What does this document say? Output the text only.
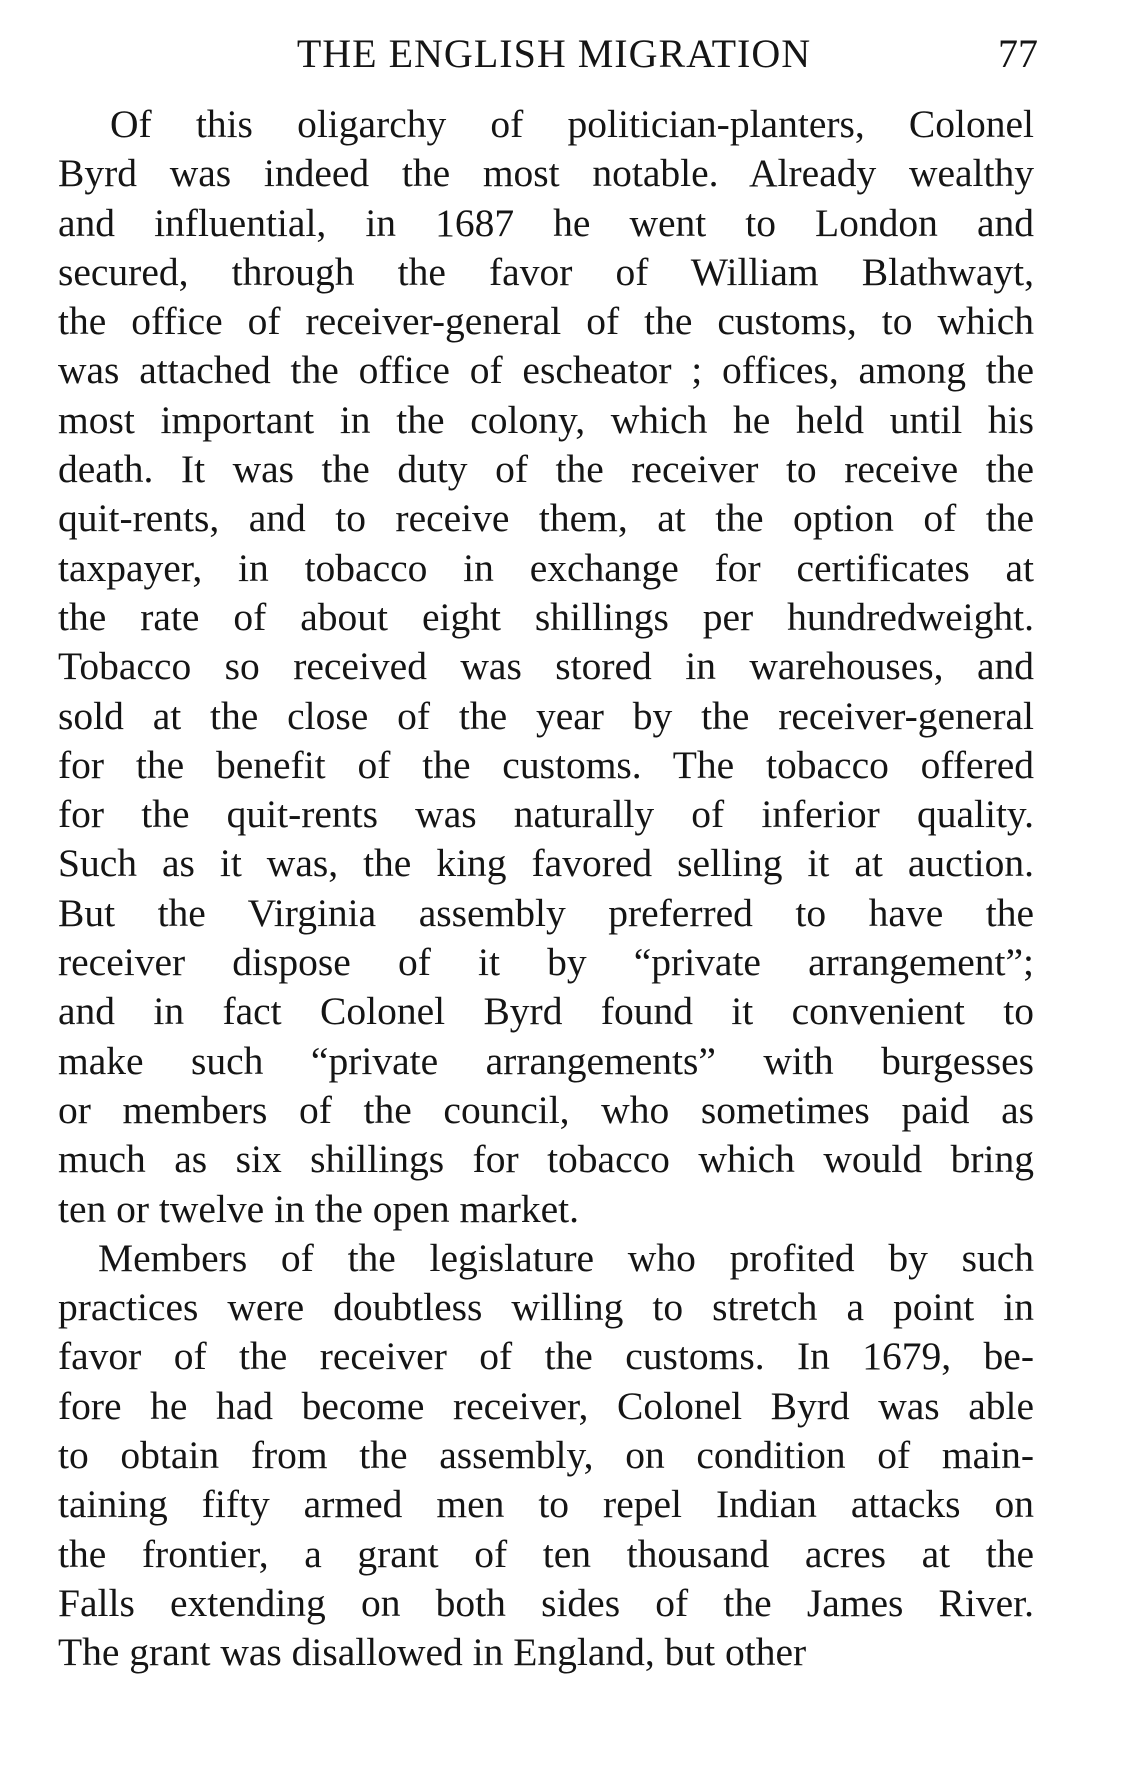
THE ENGLISH MIGRATION	77
Of this oligarchy of politician-planters, Colonel
Byrd was indeed the most notable. Already wealthy
and influential, in 1687 he went to London and
secured, through the favor of William Blathwayt,
the office of receiver-general of the customs, to which
was attached the office of escheator ; offices, among the
most important in the colony, which he held until his
death. It was the duty of the receiver to receive the
quit-rents, and to receive them, at the option of the
taxpayer, in tobacco in exchange for certificates at
the rate of about eight shillings per hundredweight.
Tobacco so received was stored in warehouses, and
sold at the close of the year by the receiver-general
for the benefit of the customs. The tobacco offered
for the quit-rents was naturally of inferior quality.
Such as it was, the king favored selling it at auction.
But the Virginia assembly preferred to have the
receiver dispose of it by “private arrangement”;
and in fact Colonel Byrd found it convenient to
make such “private arrangements” with burgesses
or members of the council, who sometimes paid as
much as six shillings for tobacco which would bring
ten or twelve in the open market.
Members of the legislature who profited by such
practices were doubtless willing to stretch a point in
favor of the receiver of the customs. In 1679, be-
fore he had become receiver, Colonel Byrd was able
to obtain from the assembly, on condition of main-
taining fifty armed men to repel Indian attacks on
the frontier, a grant of ten thousand acres at the
Falls extending on both sides of the James River.
The grant was disallowed in England, but other
